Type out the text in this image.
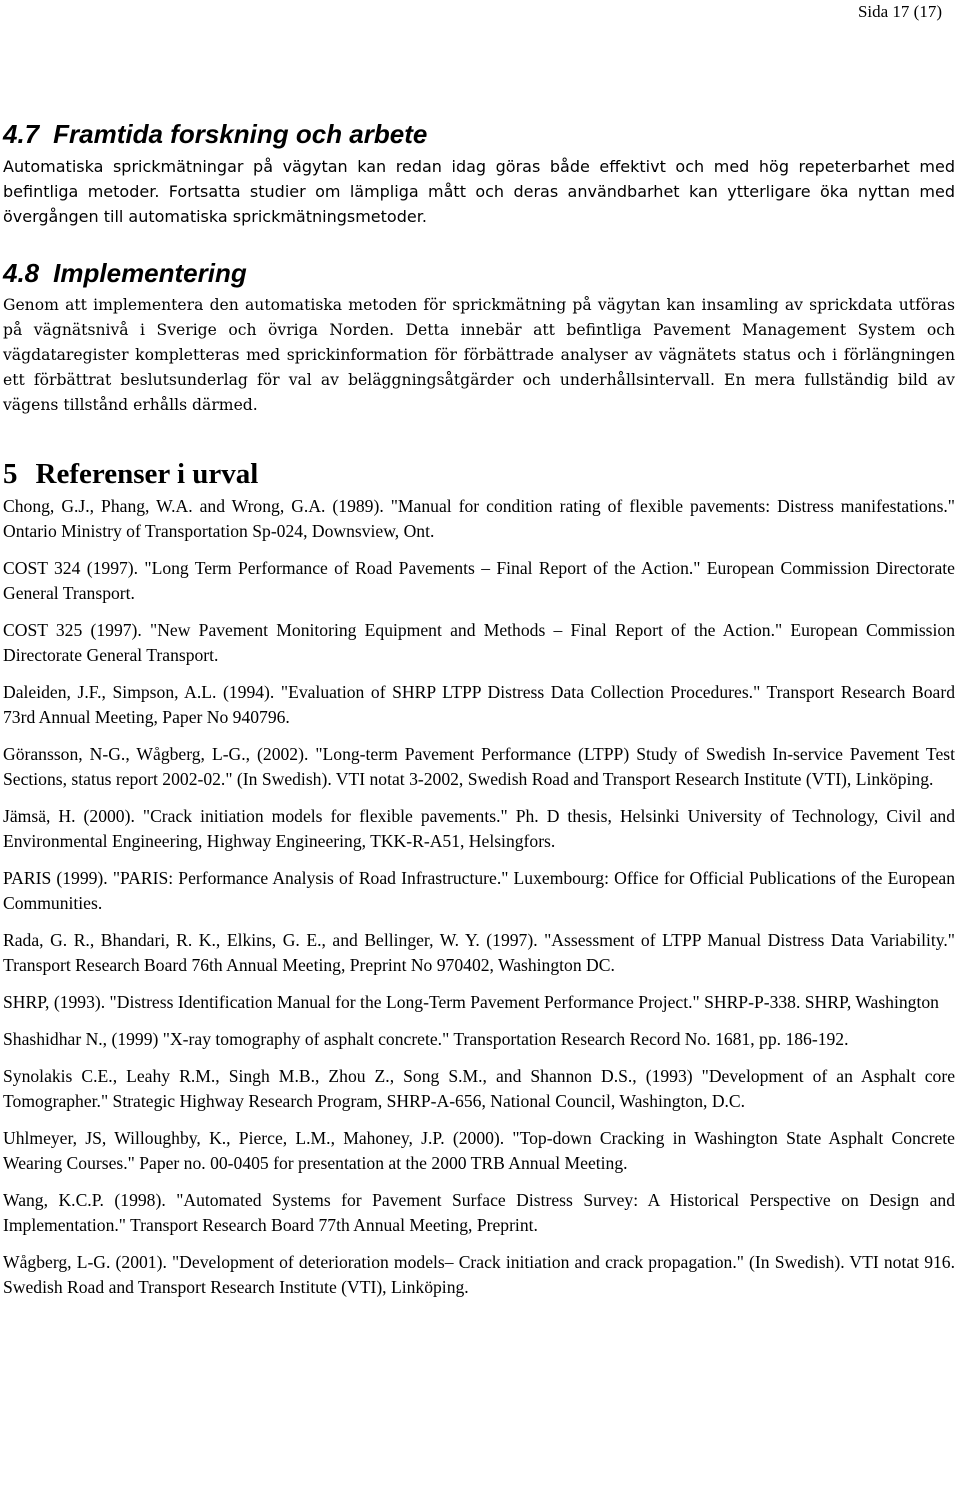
Sida 17 (17)
4.7 Framtida forskning och arbete

Automatiska sprickmätningar på vägytan kan redan idag göras både effektivt och med hög repeterbarhet med befintliga metoder. Fortsatta studier om lämpliga mått och deras användbarhet kan ytterligare öka nyttan med övergången till automatiska sprickmätningsmetoder.

4.8 Implementering

Genom att implementera den automatiska metoden för sprickmätning på vägytan kan insamling av sprickdata utföras på vägnätsnivå i Sverige och övriga Norden. Detta innebär att befintliga Pavement Management System och vägdataregister kompletteras med sprickinformation för förbättrade analyser av vägnätets status och i förlängningen ett förbättrat beslutsunderlag för val av beläggningsåtgärder och underhållsintervall. En mera fullständig bild av vägens tillstånd erhålls därmed.

5 Referenser i urval

Chong, G.J., Phang, W.A. and Wrong, G.A. (1989). "Manual for condition rating of flexible pavements: Distress manifestations." Ontario Ministry of Transportation Sp-024, Downsview, Ont.

COST 324 (1997). "Long Term Performance of Road Pavements – Final Report of the Action." European Commission Directorate General Transport.

COST 325 (1997). "New Pavement Monitoring Equipment and Methods – Final Report of the Action." European Commission Directorate General Transport.

Daleiden, J.F., Simpson, A.L. (1994). "Evaluation of SHRP LTPP Distress Data Collection Procedures." Transport Research Board 73rd Annual Meeting, Paper No 940796.

Göransson, N-G., Wågberg, L-G., (2002). "Long-term Pavement Performance (LTPP) Study of Swedish In-service Pavement Test Sections, status report 2002-02." (In Swedish). VTI notat 3-2002, Swedish Road and Transport Research Institute (VTI), Linköping.

Jämsä, H. (2000). "Crack initiation models for flexible pavements." Ph. D thesis, Helsinki University of Technology, Civil and Environmental Engineering, Highway Engineering, TKK-R-A51, Helsingfors.

PARIS (1999). "PARIS: Performance Analysis of Road Infrastructure." Luxembourg: Office for Official Publications of the European Communities.

Rada, G. R., Bhandari, R. K., Elkins, G. E., and Bellinger, W. Y. (1997). "Assessment of LTPP Manual Distress Data Variability." Transport Research Board 76th Annual Meeting, Preprint No 970402, Washington DC.

SHRP, (1993). "Distress Identification Manual for the Long-Term Pavement Performance Project." SHRP-P-338. SHRP, Washington

Shashidhar N., (1999) "X-ray tomography of asphalt concrete." Transportation Research Record No. 1681, pp. 186-192.

Synolakis C.E., Leahy R.M., Singh M.B., Zhou Z., Song S.M., and Shannon D.S., (1993) "Development of an Asphalt core Tomographer." Strategic Highway Research Program, SHRP-A-656, National Council, Washington, D.C.

Uhlmeyer, JS, Willoughby, K., Pierce, L.M., Mahoney, J.P. (2000). "Top-down Cracking in Washington State Asphalt Concrete Wearing Courses." Paper no. 00-0405 for presentation at the 2000 TRB Annual Meeting.

Wang, K.C.P. (1998). "Automated Systems for Pavement Surface Distress Survey: A Historical Perspective on Design and Implementation." Transport Research Board 77th Annual Meeting, Preprint.

Wågberg, L-G. (2001). "Development of deterioration models– Crack initiation and crack propagation." (In Swedish). VTI notat 916. Swedish Road and Transport Research Institute (VTI), Linköping.
